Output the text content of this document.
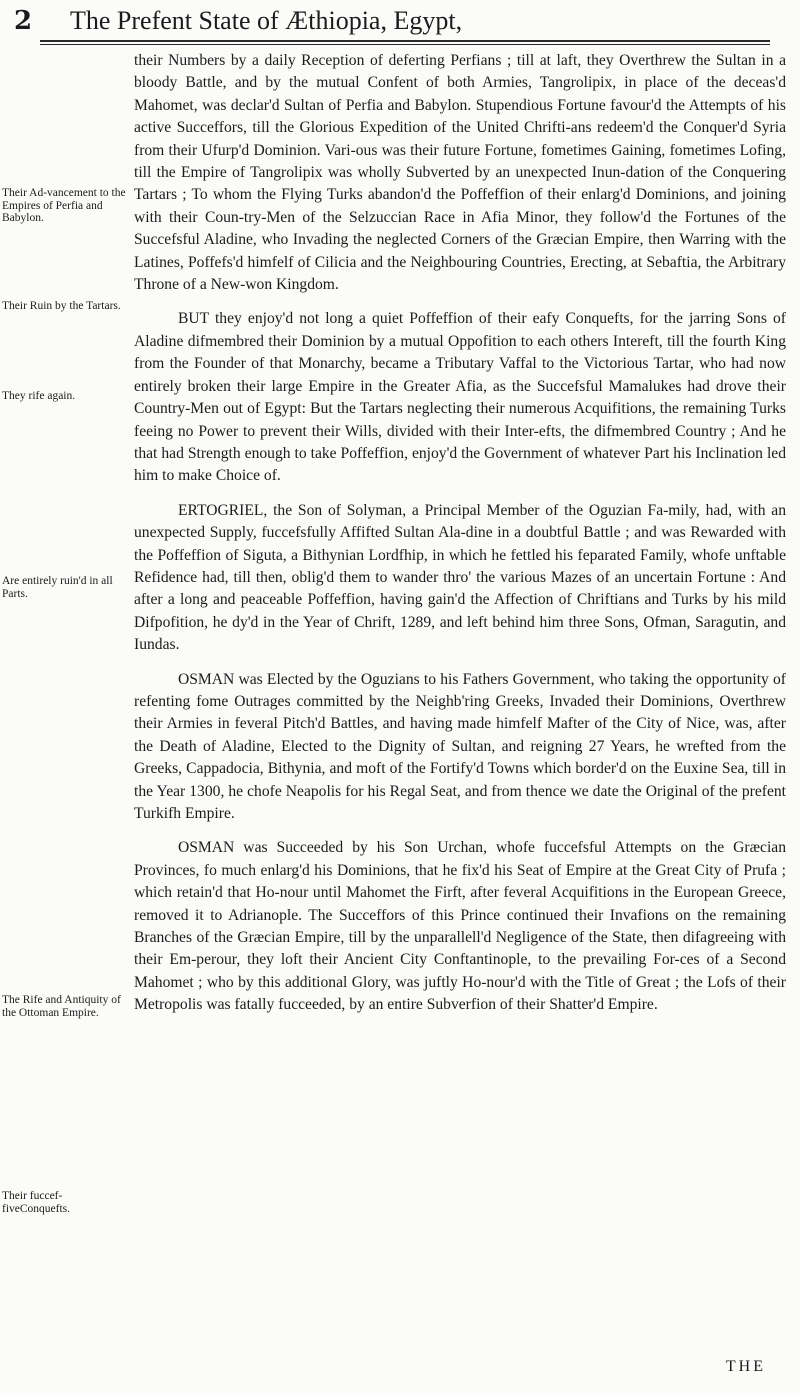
2 The Prefent State of Æthiopia, Egypt,
Their Ad-vancement to the Empires of Perfia and Babylon.
Their Ruin by the Tartars.
They rife again.
Are entirely ruin'd in all Parts.
The Rife and Antiquity of the Ottoman Empire.
Their fuccef-fiveConquefts.

their Numbers by a daily Reception of deferting Perfians ; till at laft, they Overthrew the Sultan in a bloody Battle, and by the mutual Confent of both Armies, Tangrolipix, in place of the deceas'd Mahomet, was declar'd Sultan of Perfia and Babylon. Stupendious Fortune favour'd the Attempts of his active Succeffors, till the Glorious Expedition of the United Chrifti-ans redeem'd the Conquer'd Syria from their Ufurp'd Dominion. Vari-ous was their future Fortune, fometimes Gaining, fometimes Lofing, till the Empire of Tangrolipix was wholly Subverted by an unexpected Inun-dation of the Conquering Tartars ; To whom the Flying Turks abandon'd the Poffeffion of their enlarg'd Dominions, and joining with their Coun-try-Men of the Selzuccian Race in Afia Minor, they follow'd the Fortunes of the Succefsful Aladine, who Invading the neglected Corners of the Græcian Empire, then Warring with the Latines, Poffefs'd himfelf of Cilicia and the Neighbouring Countries, Erecting, at Sebaftia, the Arbitrary Throne of a New-won Kingdom.

BUT they enjoy'd not long a quiet Poffeffion of their eafy Conquefts, for the jarring Sons of Aladine difmembred their Dominion by a mutual Oppofition to each others Intereft, till the fourth King from the Founder of that Monarchy, became a Tributary Vaffal to the Victorious Tartar, who had now entirely broken their large Empire in the Greater Afia, as the Succefsful Mamalukes had drove their Country-Men out of Egypt: But the Tartars neglecting their numerous Acquifitions, the remaining Turks feeing no Power to prevent their Wills, divided with their Inter-efts, the difmembred Country ; And he that had Strength enough to take Poffeffion, enjoy'd the Government of whatever Part his Inclination led him to make Choice of.

ERTOGRIEL, the Son of Solyman, a Principal Member of the Oguzian Fa-mily, had, with an unexpected Supply, fuccefsfully Affifted Sultan Ala-dine in a doubtful Battle ; and was Rewarded with the Poffeffion of Siguta, a Bithynian Lordfhip, in which he fettled his feparated Family, whofe unftable Refidence had, till then, oblig'd them to wander thro' the various Mazes of an uncertain Fortune : And after a long and peaceable Poffeffion, having gain'd the Affection of Chriftians and Turks by his mild Difpofition, he dy'd in the Year of Chrift, 1289, and left behind him three Sons, Ofman, Saragutin, and Iundas.

OSMAN was Elected by the Oguzians to his Fathers Government, who taking the opportunity of refenting fome Outrages committed by the Neighb'ring Greeks, Invaded their Dominions, Overthrew their Armies in feveral Pitch'd Battles, and having made himfelf Mafter of the City of Nice, was, after the Death of Aladine, Elected to the Dignity of Sultan, and reigning 27 Years, he wrefted from the Greeks, Cappadocia, Bithynia, and moft of the Fortify'd Towns which border'd on the Euxine Sea, till in the Year 1300, he chofe Neapolis for his Regal Seat, and from thence we date the Original of the prefent Turkifh Empire.

OSMAN was Succeeded by his Son Urchan, whofe fuccefsful Attempts on the Græcian Provinces, fo much enlarg'd his Dominions, that he fix'd his Seat of Empire at the Great City of Prufa ; which retain'd that Ho-nour until Mahomet the Firft, after feveral Acquifitions in the European Greece, removed it to Adrianople. The Succeffors of this Prince continued their Invafions on the remaining Branches of the Græcian Empire, till by the unparallell'd Negligence of the State, then difagreeing with their Em-perour, they loft their Ancient City Conftantinople, to the prevailing For-ces of a Second Mahomet ; who by this additional Glory, was juftly Ho-nour'd with the Title of Great ; the Lofs of their Metropolis was fatally fucceeded, by an entire Subverfion of their Shatter'd Empire.

THE
